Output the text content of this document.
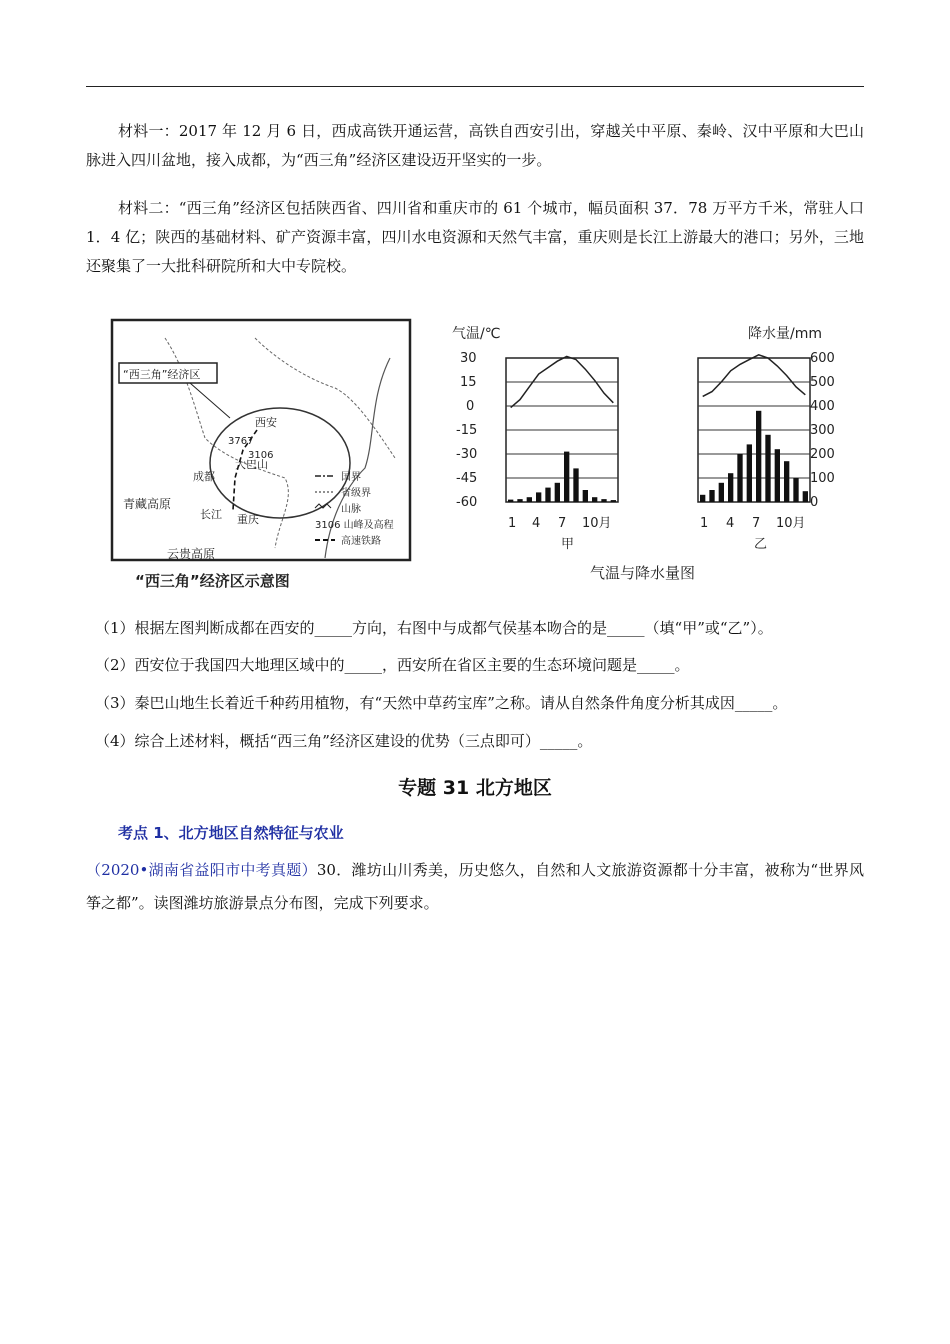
材料一：2017 年 12 月 6 日，西成高铁开通运营，高铁自西安引出，穿越关中平原、秦岭、汉中平原和大巴山脉进入四川盆地，接入成都，为“西三角”经济区建设迈开坚实的一步。
材料二：“西三角”经济区包括陕西省、四川省和重庆市的 61 个城市，幅员面积 37．78 万平方千米，常驻人口 1．4 亿；陕西的基础材料、矿产资源丰富，四川水电资源和天然气丰富，重庆则是长江上游最大的港口；另外，三地还聚集了一大批科研院所和大中专院校。
“西三角”经济区
西安
成都
重庆
大巴山
3767
3106
青藏高原
云贵高原
长江
国界
省级界
山脉
3106 山峰及高程
高速铁路
“西三角”经济区示意图
气温/℃	降水量/mm
30
15
0
-15
-30
-45
-60
600
500
400
300
200
100
0
1 4 7 10月	1 4 7 10月
甲	乙
气温与降水量图
（1）根据左图判断成都在西安的_____方向，右图中与成都气侯基本吻合的是_____（填“甲”或“乙”）。
（2）西安位于我国四大地理区域中的_____，西安所在省区主要的生态环境问题是_____。
（3）秦巴山地生长着近千种药用植物，有“天然中草药宝库”之称。请从自然条件角度分析其成因_____。
（4）综合上述材料，概括“西三角”经济区建设的优势（三点即可）_____。
专题 31 北方地区
考点 1、北方地区自然特征与农业
（2020•湖南省益阳市中考真题）30．潍坊山川秀美，历史悠久，自然和人文旅游资源都十分丰富，被称为“世界风筝之都”。读图潍坊旅游景点分布图，完成下列要求。
